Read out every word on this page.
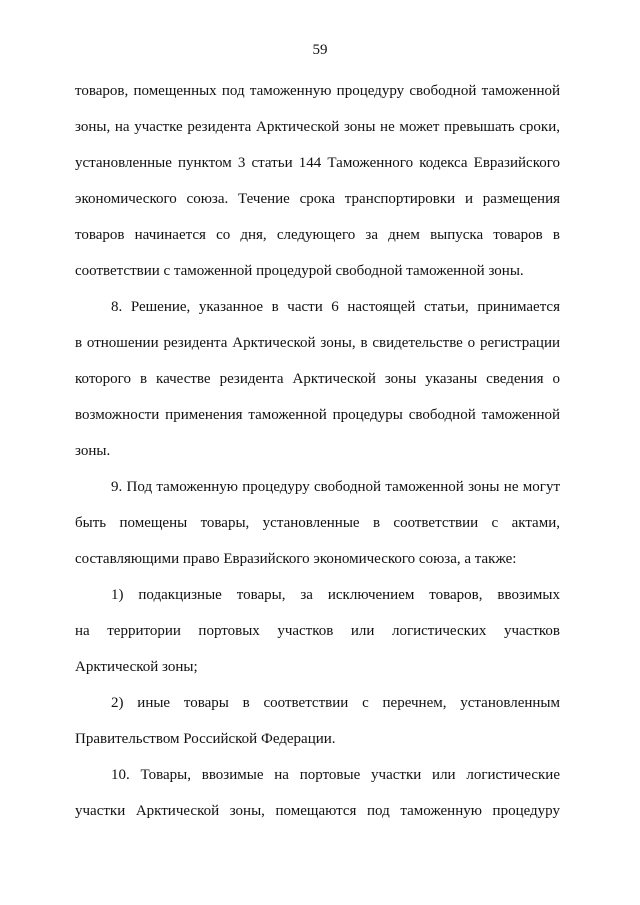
59
товаров, помещенных под таможенную процедуру свободной таможенной
зоны, на участке резидента Арктической зоны не может превышать сроки,
установленные пунктом 3 статьи 144 Таможенного кодекса Евразийского
экономического союза. Течение срока транспортировки и размещения
товаров начинается со дня, следующего за днем выпуска товаров в
соответствии с таможенной процедурой свободной таможенной зоны.
8. Решение, указанное в части 6 настоящей статьи, принимается
в отношении резидента Арктической зоны, в свидетельстве о регистрации
которого в качестве резидента Арктической зоны указаны сведения о
возможности применения таможенной процедуры свободной таможенной
зоны.
9. Под таможенную процедуру свободной таможенной зоны не могут
быть помещены товары, установленные в соответствии с актами,
составляющими право Евразийского экономического союза, а также:
1) подакцизные товары, за исключением товаров, ввозимых
на территории портовых участков или логистических участков
Арктической зоны;
2) иные товары в соответствии с перечнем, установленным
Правительством Российской Федерации.
10. Товары, ввозимые на портовые участки или логистические
участки Арктической зоны, помещаются под таможенную процедуру
